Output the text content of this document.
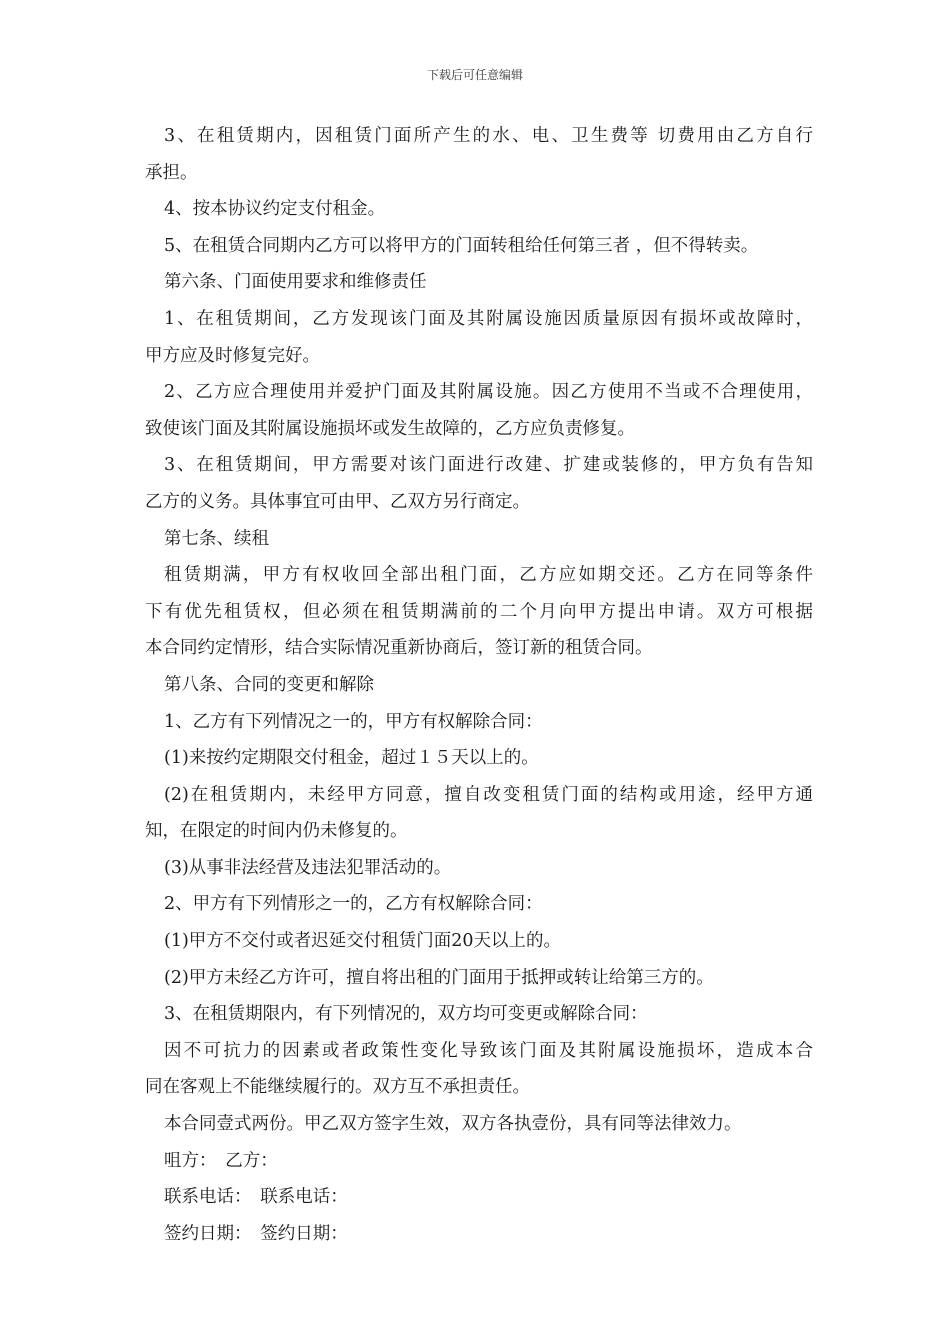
下载后可任意编辑
3、在租赁期内，因租赁门面所产生的水、电、卫生费等 切费用由乙方自行
承担。
4、按本协议约定支付租金。
5、在租赁合同期内乙方可以将甲方的门面转租给任何第三者 ，但不得转卖。
第六条、门面使用要求和维修责任
1、在租赁期间，乙方发现该门面及其附属设施因质量原因有损坏或故障时，
甲方应及时修复完好。
2、乙方应合理使用并爱护门面及其附属设施。因乙方使用不当或不合理使用，
致使该门面及其附属设施损坏或发生故障的，乙方应负责修复。
3、在租赁期间，甲方需要对该门面进行改建、扩建或装修的，甲方负有告知
乙方的义务。具体事宜可由甲、乙双方另行商定。
第七条、续租
租赁期满，甲方有权收回全部出租门面，乙方应如期交还。乙方在同等条件
下有优先租赁权，但必须在租赁期满前的二个月向甲方提出申请。双方可根据
本合同约定情形，结合实际情况重新协商后，签订新的租赁合同。
第八条、合同的变更和解除
1、乙方有下列情况之一的，甲方有权解除合同：
(1)来按约定期限交付租金，超过１５天以上的。
(2)在租赁期内，未经甲方同意，擅自改变租赁门面的结构或用途，经甲方通
知，在限定的时间内仍未修复的。
(3)从事非法经营及违法犯罪活动的。
2、甲方有下列情形之一的，乙方有权解除合同：
(1)甲方不交付或者迟延交付租赁门面20天以上的。
(2)甲方未经乙方许可，擅自将出租的门面用于抵押或转让给第三方的。
3、在租赁期限内，有下列情况的，双方均可变更或解除合同：
因不可抗力的因素或者政策性变化导致该门面及其附属设施损坏，造成本合
同在客观上不能继续履行的。双方互不承担责任。
本合同壹式两份。甲乙双方签字生效，双方各执壹份，具有同等法律效力。
咀方：　乙方：
联系电话：　联系电话：
签约日期：　签约日期：
